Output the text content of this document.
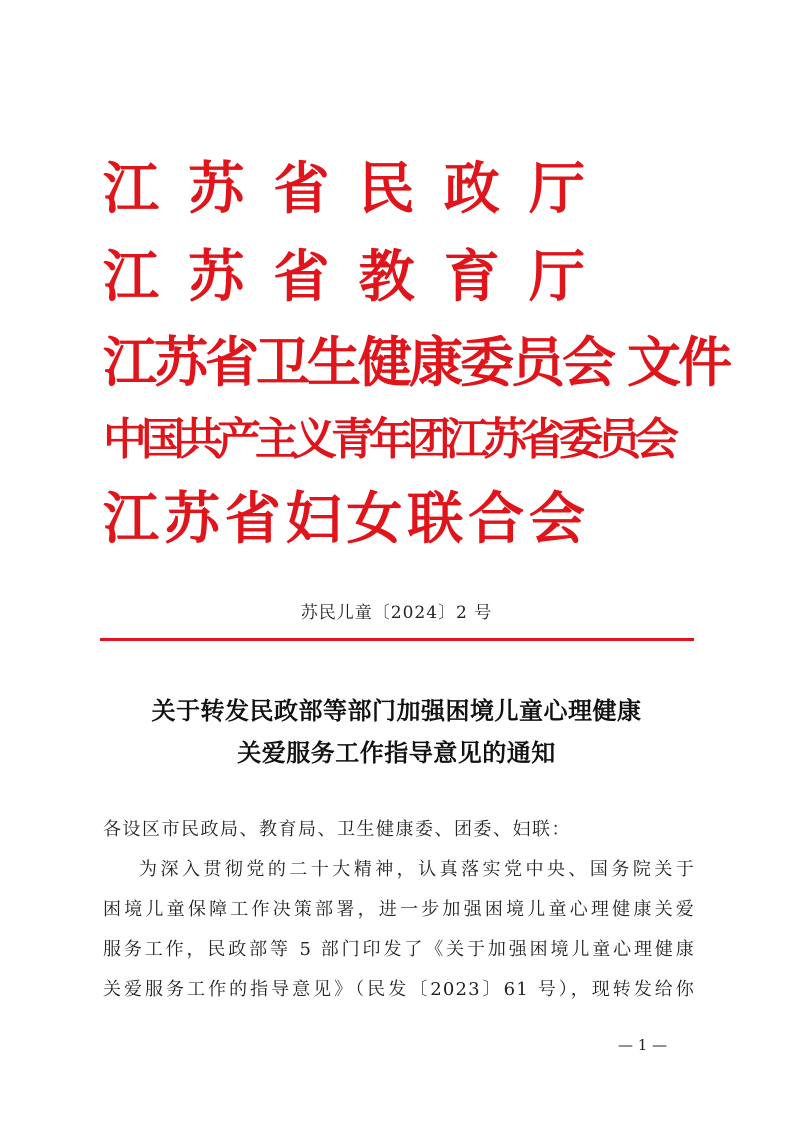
江 苏 省 民 政 厅
江 苏 省 教 育 厅
江苏省卫生健康委员会 文件
中国共产主义青年团江苏省委员会
江 苏 省 妇 女 联 合 会
苏民儿童〔2024〕2 号
关于转发民政部等部门加强困境儿童心理健康
关爱服务工作指导意见的通知

各设区市民政局、教育局、卫生健康委、团委、妇联：

为深入贯彻党的二十大精神，认真落实党中央、国务院关于
困境儿童保障工作决策部署，进一步加强困境儿童心理健康关爱
服务工作，民政部等 5 部门印发了《关于加强困境儿童心理健康
关爱服务工作的指导意见》（民发〔2023〕61 号），现转发给你

— 1 —
